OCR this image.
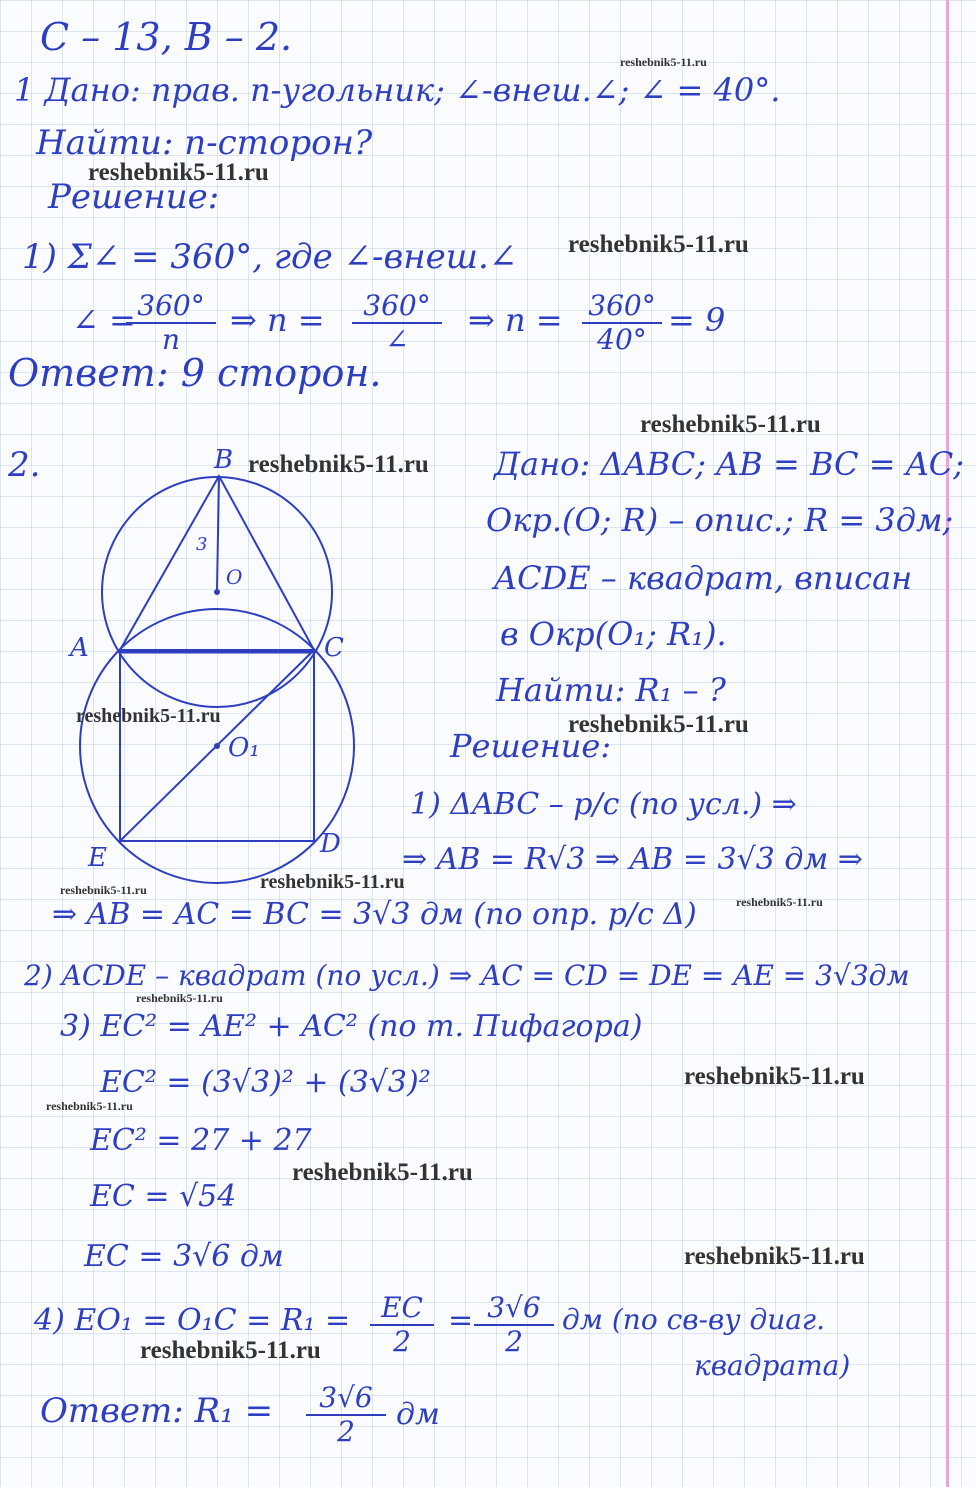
С – 13, В – 2.
1 Дано: прав. n-угольник; ∠-внеш.∠; ∠ = 40°.
Найти: n-сторон?
Решение:
1) Σ∠ = 360°, где ∠-внеш.∠
∠ =
$\frac{360^\circ}{n}$ ⇒ n =	360°
∠
⇒ $n = \frac{360^\circ}{40^\circ} = 9$
Ответ: 9 сторон.
2.	B
A	C
E	D
O
O₁
3
Дано: ΔABC; AB = BC = AC;
Окр.(O; R) – опис.; R = 3дм;
ACDE – квадрат, вписан
в Окр(O₁; R₁).
Найти: R₁ – ?
Решение:
1) ΔABC – р/с (по усл.) ⇒
⇒ AB = R√3 ⇒ AB = 3√3 дм ⇒
⇒ AB = AC = BC = 3√3 дм (по опр. р/с Δ)
2) ACDE – квадрат (по усл.) ⇒ AC = CD = DE = AE = 3√3дм
3) EC² = AE² + AC² (по т. Пифагора)
EC² = (3√3)² + (3√3)²
EC² = 27 + 27
EC = √54
EC = 3√6 дм
4) $EO_1 = O_1C = R_1 = \frac{EC}{2} = \frac{3√6}{2}$ дм (по св-ву диаг.
квадрата)
Ответ: $R_1 = \frac{3√6}{2}$ дм
reshebnik5-11.ru
reshebnik5-11.ru
reshebnik5-11.ru
reshebnik5-11.ru
reshebnik5-11.ru
reshebnik5-11.ru	reshebnik5-11.ru
reshebnik5-11.ru
reshebnik5-11.ru
reshebnik5-11.ru
reshebnik5-11.ru
reshebnik5-11.ru
reshebnik5-11.ru
reshebnik5-11.ru
reshebnik5-11.ru
reshebnik5-11.ru
